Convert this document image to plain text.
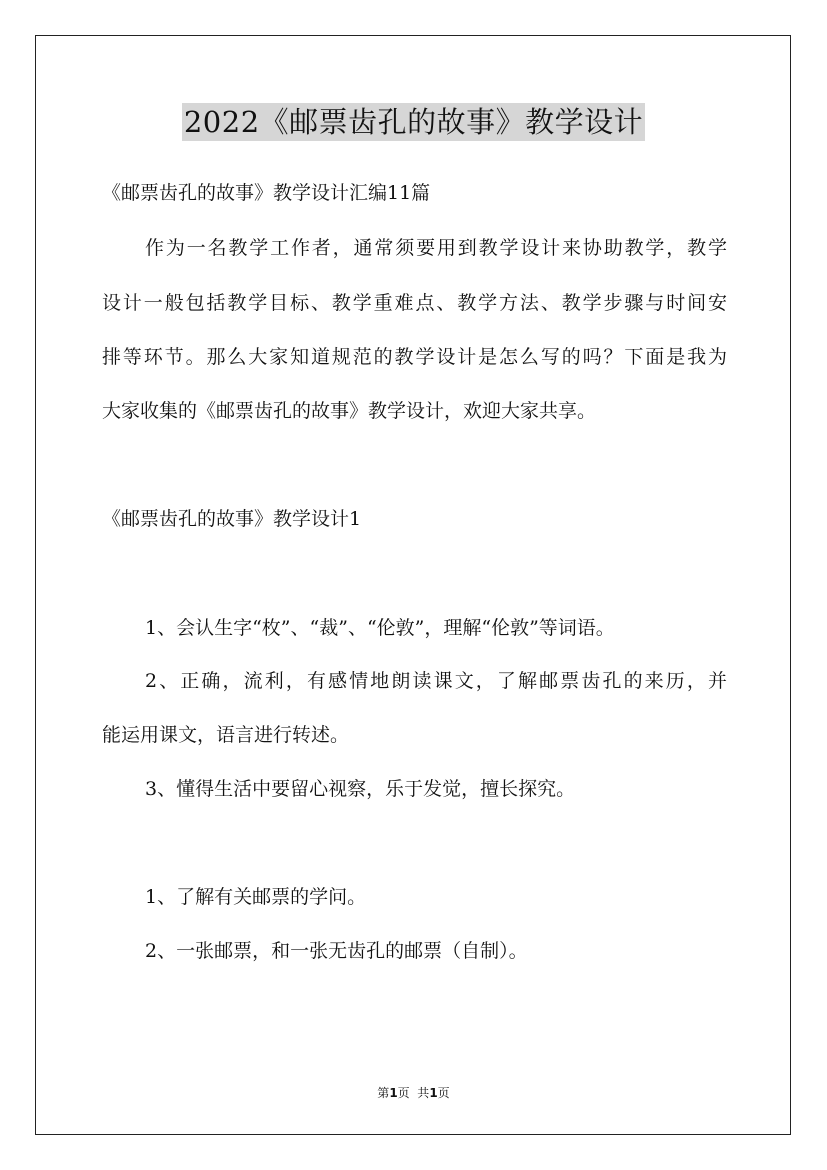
2022《邮票齿孔的故事》教学设计
《邮票齿孔的故事》教学设计汇编11篇
作为一名教学工作者，通常须要用到教学设计来协助教学，教学
设计一般包括教学目标、教学重难点、教学方法、教学步骤与时间安
排等环节。那么大家知道规范的教学设计是怎么写的吗？下面是我为
大家收集的《邮票齿孔的故事》教学设计，欢迎大家共享。
《邮票齿孔的故事》教学设计1
1、会认生字“枚”、“裁”、“伦敦”，理解“伦敦”等词语。
2、正确，流利，有感情地朗读课文，了解邮票齿孔的来历，并
能运用课文，语言进行转述。
3、懂得生活中要留心视察，乐于发觉，擅长探究。
1、了解有关邮票的学问。
2、一张邮票，和一张无齿孔的邮票（自制）。
第1页  共1页
